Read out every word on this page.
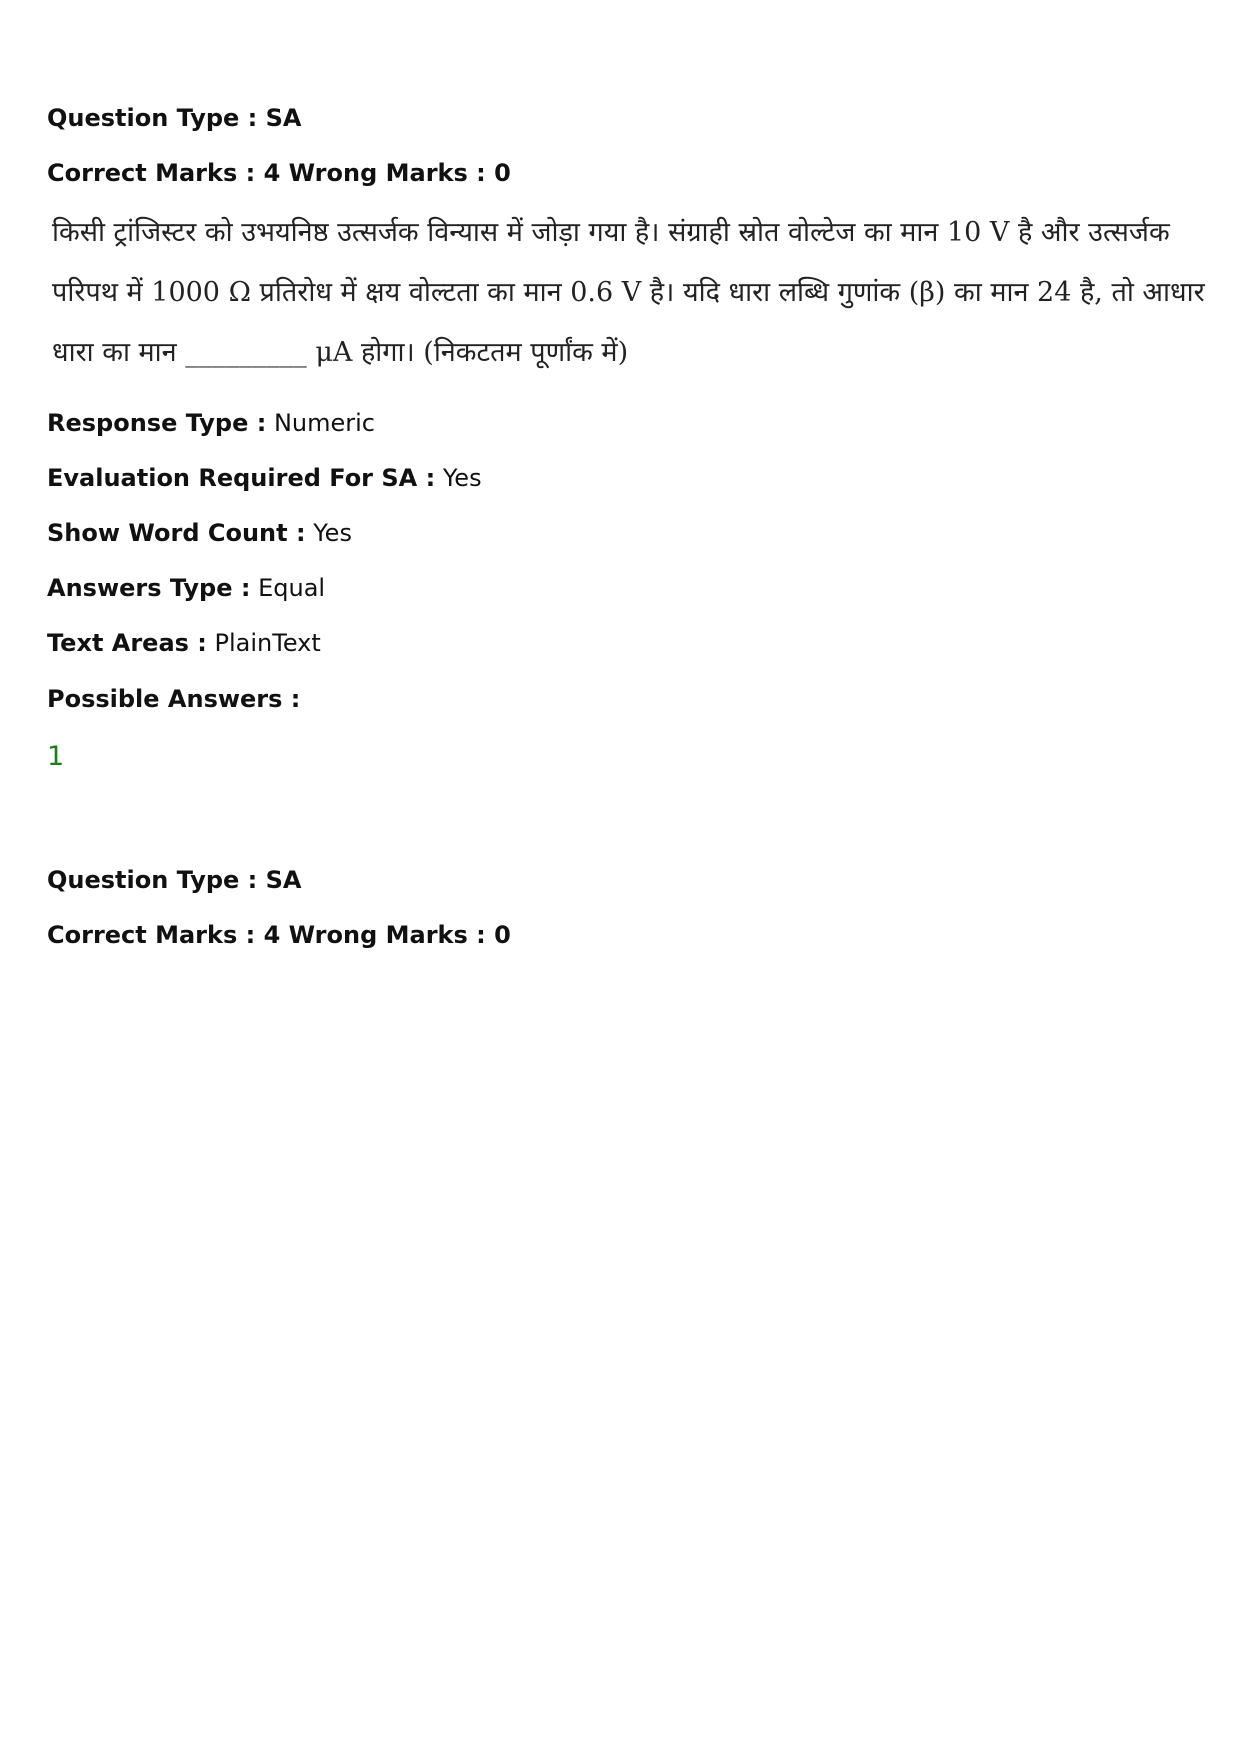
Question Type : SA
Correct Marks : 4 Wrong Marks : 0
किसी ट्रांजिस्टर को उभयनिष्ठ उत्सर्जक विन्यास में जोड़ा गया है। संग्राही स्रोत वोल्टेज का मान 10 V है और उत्सर्जक
परिपथ में 1000 Ω प्रतिरोध में क्षय वोल्टता का मान 0.6 V है। यदि धारा लब्धि गुणांक (β) का मान 24 है, तो आधार
धारा का मान _________ μA होगा। (निकटतम पूर्णांक में)
Response Type : Numeric
Evaluation Required For SA : Yes
Show Word Count : Yes
Answers Type : Equal
Text Areas : PlainText
Possible Answers :
1
Question Type : SA
Correct Marks : 4 Wrong Marks : 0
